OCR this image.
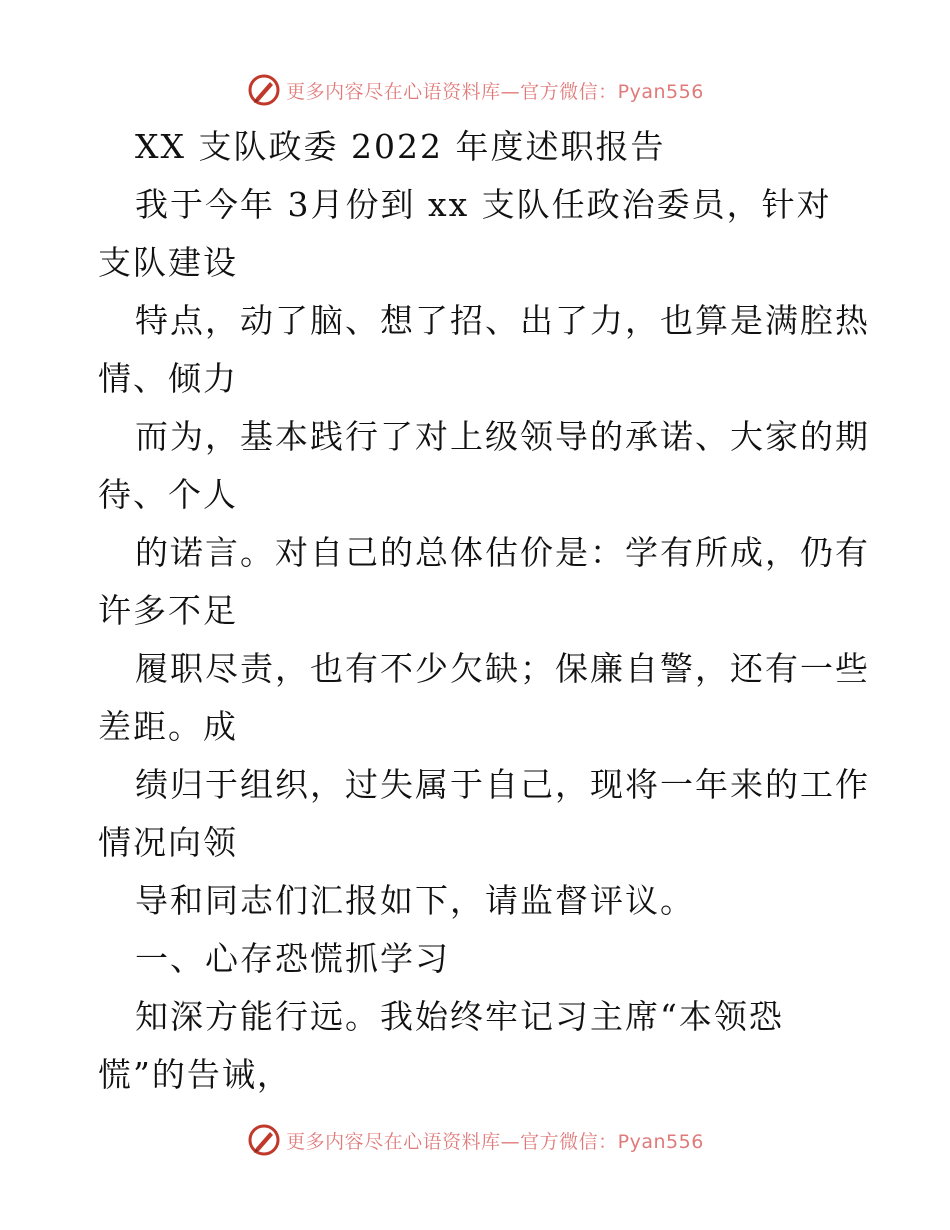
更多内容尽在心语资料库—官方微信：Pyan556
XX 支队政委 2022 年度述职报告
我于今年 3月份到 xx 支队任政治委员，针对
支队建设
特点，动了脑、想了招、出了力，也算是满腔热
情、倾力
而为，基本践行了对上级领导的承诺、大家的期
待、个人
的诺言。对自己的总体估价是：学有所成，仍有
许多不足
履职尽责，也有不少欠缺；保廉自警，还有一些
差距。成
绩归于组织，过失属于自己，现将一年来的工作
情况向领
导和同志们汇报如下，请监督评议。
一、心存恐慌抓学习
知深方能行远。我始终牢记习主席“本领恐
慌”的告诫，
更多内容尽在心语资料库—官方微信：Pyan556
